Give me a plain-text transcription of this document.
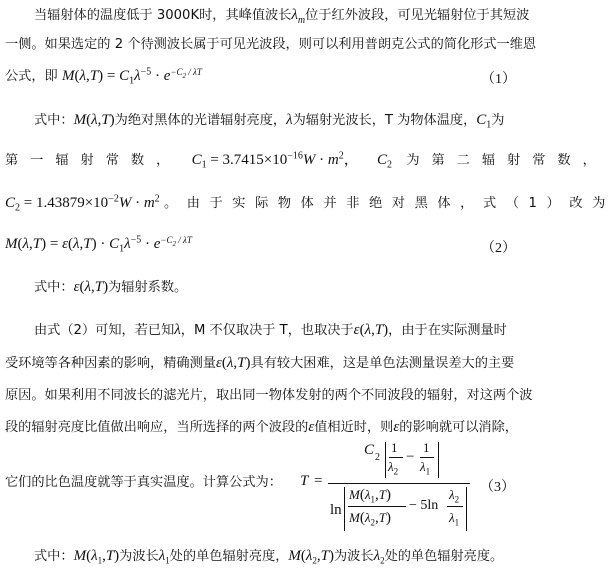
当辐射体的温度低于 3000K时，其峰值波长$\lambda_m$位于红外波段，可见光辐射位于其短波
一侧。如果选定的 2 个待测波长属于可见光波段，则可以利用普朗克公式的简化形式一维恩
公式，即 $M(\lambda,T) = C_1\lambda^{-5} \cdot e^{-C_2 / \lambda T}$
（1）
式中：M(λ,T)为绝对黑体的光谱辐射亮度，λ为辐射光波长，T 为物体温度，$C_1$为
第一辐射常数， $C_1 = 3.7415\times 10^{-16}W \cdot m^2$， $C_2$ 为第二辐射常数，
$C_2 = 1.43879\times 10^{-2}W \cdot m^2$ 。由于实际物体并非绝对黑体，式（1）改为
$M(\lambda,T) = \varepsilon(\lambda,T) \cdot C_1\lambda^{-5} \cdot e^{-C_2 / \lambda T}$
（2）
式中：ε(λ,T)为辐射系数。
由式（2）可知，若已知λ，M 不仅取决于 T，也取决于ε(λ,T)，由于在实际测量时
受环境等各种因素的影响，精确测量ε(λ,T)具有较大困难，这是单色法测量误差大的主要
原因。如果利用不同波长的滤光片，取出同一物体发射的两个不同波段的辐射，对这两个波
段的辐射亮度比值做出响应，当所选择的两个波段的ε值相近时，则ε的影响就可以消除，
它们的比色温度就等于真实温度。计算公式为：	T =
C 2
1
$\lambda_2$
−
1
$\lambda_1$
ln
$M(\lambda_1,T)$
$M(\lambda_2,T)$
− 5ln
$\lambda_2$
$\lambda_1$
（3）
式中：$M(\lambda_1,T)$为波长$\lambda_1$处的单色辐射亮度，$M(\lambda_2,T)$为波长$\lambda_2$处的单色辐射亮度。
